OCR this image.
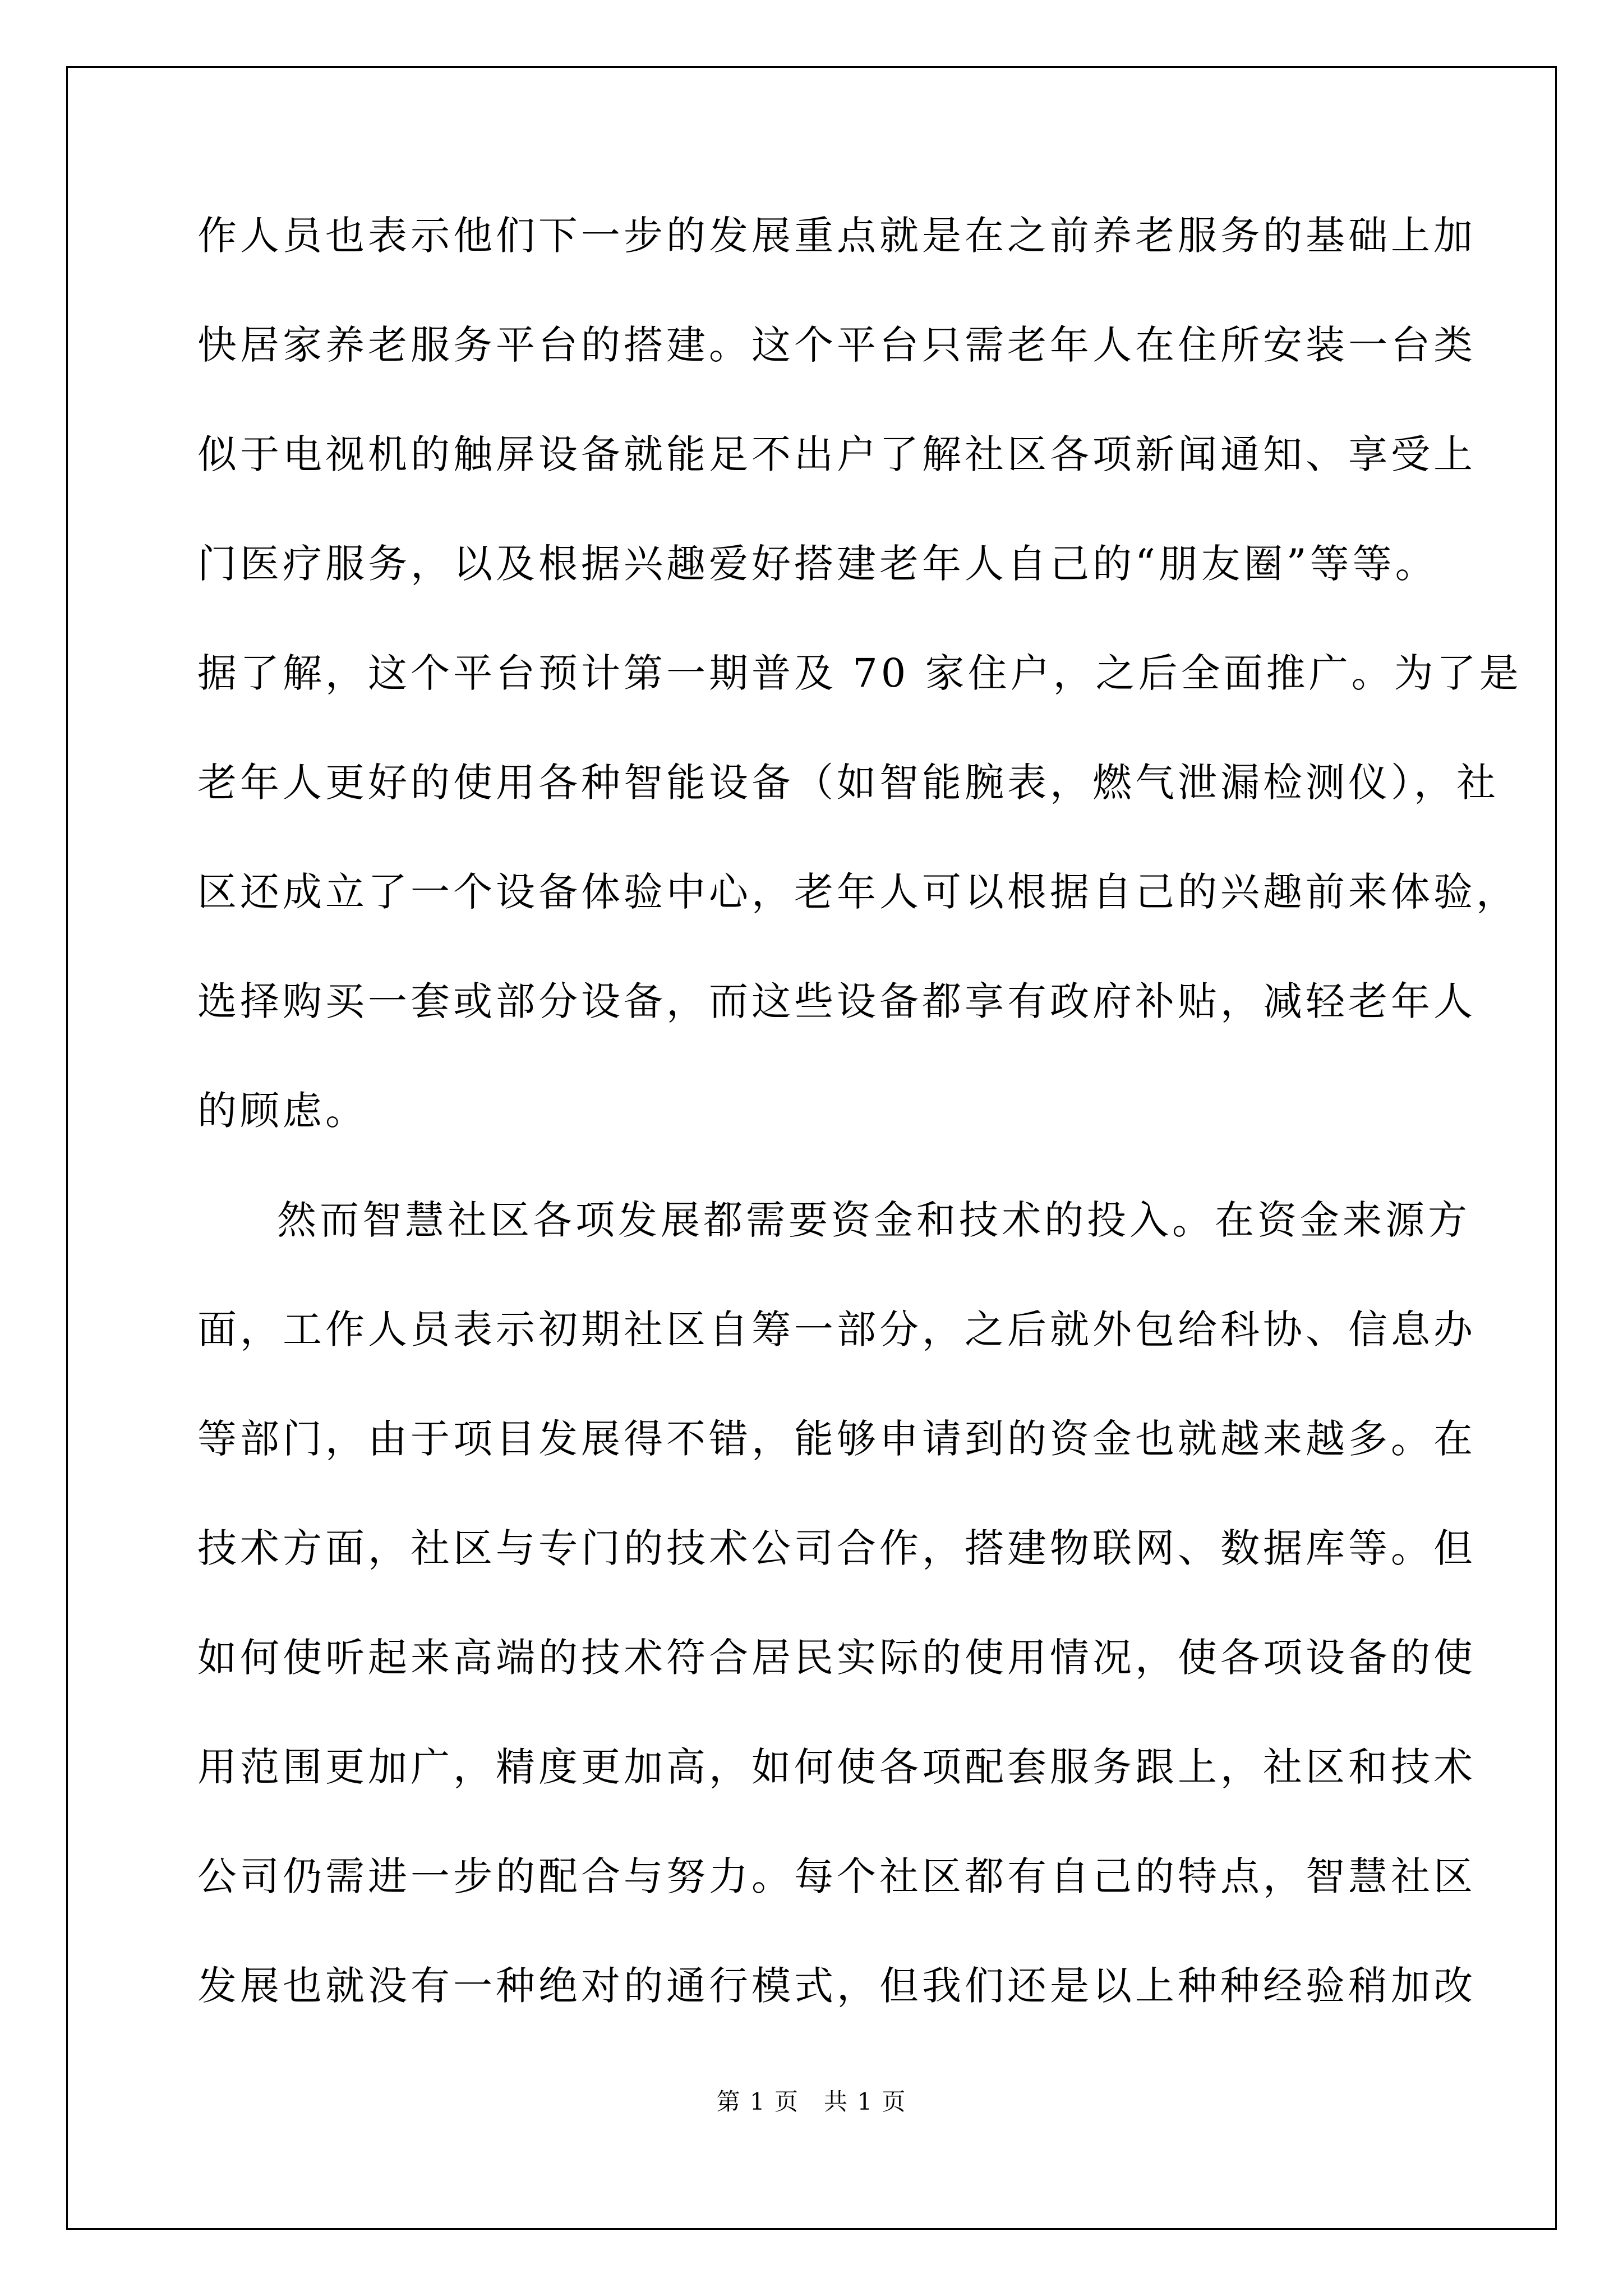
作人员也表示他们下一步的发展重点就是在之前养老服务的基础上加
快居家养老服务平台的搭建。这个平台只需老年人在住所安装一台类
似于电视机的触屏设备就能足不出户了解社区各项新闻通知、享受上
门医疗服务，以及根据兴趣爱好搭建老年人自己的“朋友圈”等等。
据了解，这个平台预计第一期普及 70 家住户，之后全面推广。为了是
老年人更好的使用各种智能设备（如智能腕表，燃气泄漏检测仪），社
区还成立了一个设备体验中心，老年人可以根据自己的兴趣前来体验，
选择购买一套或部分设备，而这些设备都享有政府补贴，减轻老年人
的顾虑。
然而智慧社区各项发展都需要资金和技术的投入。在资金来源方
面，工作人员表示初期社区自筹一部分，之后就外包给科协、信息办
等部门，由于项目发展得不错，能够申请到的资金也就越来越多。在
技术方面，社区与专门的技术公司合作，搭建物联网、数据库等。但
如何使听起来高端的技术符合居民实际的使用情况，使各项设备的使
用范围更加广，精度更加高，如何使各项配套服务跟上，社区和技术
公司仍需进一步的配合与努力。每个社区都有自己的特点，智慧社区
发展也就没有一种绝对的通行模式，但我们还是以上种种经验稍加改
第 1 页　共 1 页
